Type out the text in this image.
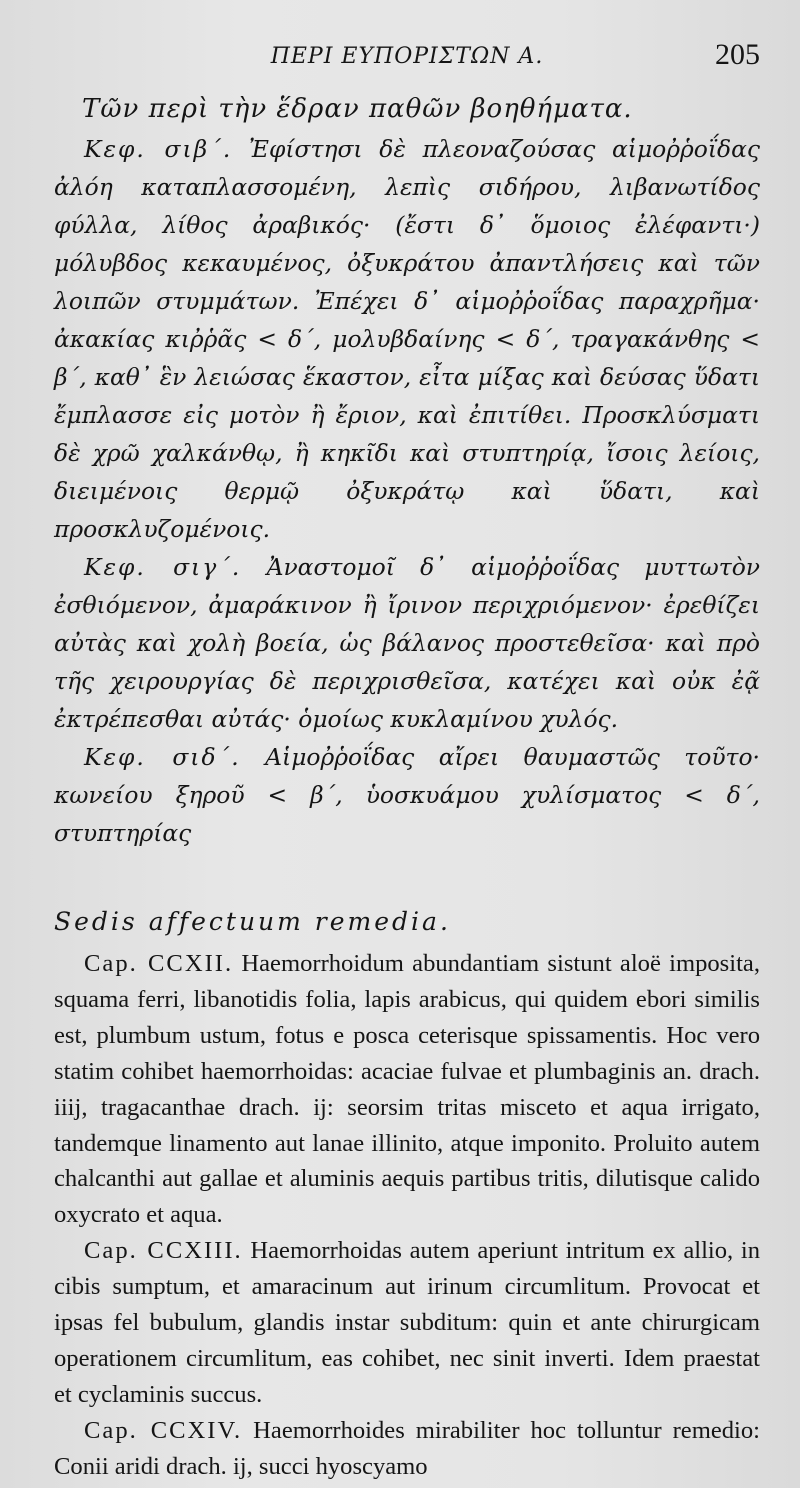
ΠΕΡΙ ΕΥΠΟΡΙΣΤΩΝ Α.	205

Τῶν περὶ τὴν ἕδραν παθῶν βοηθήματα.

Κεφ. σιβ΄. Ἐφίστησι δὲ πλεοναζούσας αἱμοῤῥοΐδας ἀλόη καταπλασσομένη, λεπὶς σιδήρου, λιβανωτίδος φύλλα, λίθος ἀραβικός· (ἔστι δ᾽ ὅμοιος ἐλέφαντι·) μόλυβδος κεκαυμένος, ὀξυκράτου ἀπαντλήσεις καὶ τῶν λοιπῶν στυμμάτων. Ἐπέχει δ᾽ αἱμοῤῥοΐδας παραχρῆμα· ἀκακίας κιῤῥᾶς < δ΄, μολυβδαίνης < δ΄, τραγακάνθης < β΄, καθ᾽ ἓν λειώσας ἕκαστον, εἶτα μίξας καὶ δεύσας ὕδατι ἔμπλασσε εἰς μοτὸν ἢ ἔριον, καὶ ἐπιτίθει. Προσκλύσματι δὲ χρῶ χαλκάνθῳ, ἢ κηκῖδι καὶ στυπτηρίᾳ, ἴσοις λείοις, διειμένοις θερμῷ ὀξυκράτῳ καὶ ὕδατι, καὶ προσκλυζομένοις.

Κεφ. σιγ΄. Ἀναστομοῖ δ᾽ αἱμοῤῥοΐδας μυττωτὸν ἐσθιόμενον, ἀμαράκινον ἢ ἴρινον περιχριόμενον· ἐρεθίζει αὐτὰς καὶ χολὴ βοεία, ὡς βάλανος προστεθεῖσα· καὶ πρὸ τῆς χειρουργίας δὲ περιχρισθεῖσα, κατέχει καὶ οὐκ ἐᾷ ἐκτρέπεσθαι αὐτάς· ὁμοίως κυκλαμίνου χυλός.

Κεφ. σιδ΄. Αἱμοῤῥοΐδας αἴρει θαυμαστῶς τοῦτο· κωνείου ξηροῦ < β΄, ὑοσκυάμου χυλίσματος < δ΄, στυπτηρίας

Sedis affectuum remedia.

Cap. CCXII. Haemorrhoidum abundantiam sistunt aloë imposita, squama ferri, libanotidis folia, lapis arabicus, qui quidem ebori similis est, plumbum ustum, fotus e posca ceterisque spissamentis. Hoc vero statim cohibet haemorrhoidas: acaciae fulvae et plumbaginis an. drach. iiij, tragacanthae drach. ij: seorsim tritas misceto et aqua irrigato, tandemque linamento aut lanae illinito, atque imponito. Proluito autem chalcanthi aut gallae et aluminis aequis partibus tritis, dilutisque calido oxycrato et aqua.

Cap. CCXIII. Haemorrhoidas autem aperiunt intritum ex allio, in cibis sumptum, et amaracinum aut irinum circumlitum. Provocat et ipsas fel bubulum, glandis instar subditum: quin et ante chirurgicam operationem circumlitum, eas cohibet, nec sinit inverti. Idem praestat et cyclaminis succus.

Cap. CCXIV. Haemorrhoides mirabiliter hoc tolluntur remedio: Conii aridi drach. ij, succi hyoscyamo
